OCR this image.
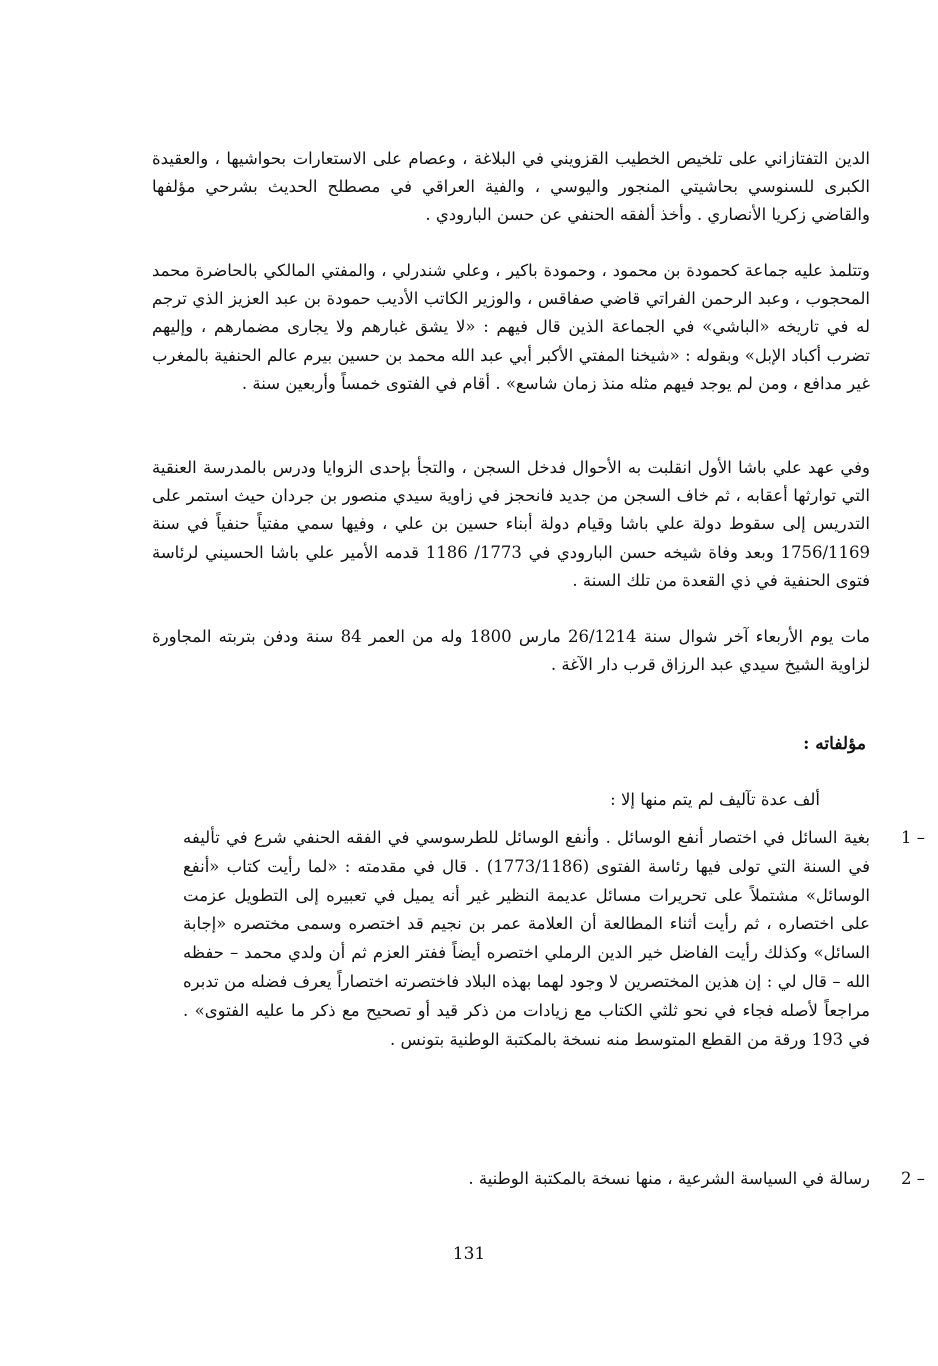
الدين التفتازاني على تلخيص الخطيب القزويني في البلاغة ، وعصام على الاستعارات بحواشيها ، والعقيدة الكبرى للسنوسي بحاشيتي المنجور واليوسي ، والفية العراقي في مصطلح الحديث بشرحي مؤلفها والقاضي زكريا الأنصاري . وأخذ ألفقه الحنفي عن حسن البارودي .

وتتلمذ عليه جماعة كحمودة بن محمود ، وحمودة باكير ، وعلي شندرلي ، والمفتي المالكي بالحاضرة محمد المحجوب ، وعبد الرحمن الفراتي قاضي صفاقس ، والوزير الكاتب الأديب حمودة بن عبد العزيز الذي ترجم له في تاريخه «الباشي» في الجماعة الذين قال فيهم : «لا يشق غبارهم ولا يجارى مضمارهم ، وإليهم تضرب أكباد الإبل» وبقوله : «شيخنا المفتي الأكبر أبي عبد الله محمد بن حسين بيرم عالم الحنفية بالمغرب غير مدافع ، ومن لم يوجد فيهم مثله منذ زمان شاسع» . أقام في الفتوى خمساً وأربعين سنة .

وفي عهد علي باشا الأول انقلبت به الأحوال فدخل السجن ، والتجأ بإحدى الزوايا ودرس بالمدرسة العنقية التي توارثها أعقابه ، ثم خاف السجن من جديد فانحجز في زاوية سيدي منصور بن جردان حيث استمر على التدريس إلى سقوط دولة علي باشا وقيام دولة أبناء حسين بن علي ، وفيها سمي مفتياً حنفياً في سنة 1756/1169 وبعد وفاة شيخه حسن البارودي في 1773/ 1186 قدمه الأمير علي باشا الحسيني لرئاسة فتوى الحنفية في ذي القعدة من تلك السنة .

مات يوم الأربعاء آخر شوال سنة 26/1214 مارس 1800 وله من العمر 84 سنة ودفن بتربته المجاورة لزاوية الشيخ سيدي عبد الرزاق قرب دار الآغة .

مؤلفاته :
ألف عدة تآليف لم يتم منها إلا :
1 –
بغية السائل في اختصار أنفع الوسائل . وأنفع الوسائل للطرسوسي في الفقه الحنفي شرع في تأليفه في السنة التي تولى فيها رئاسة الفتوى (1773/1186) . قال في مقدمته : «لما رأيت كتاب «أنفع الوسائل» مشتملاً على تحريرات مسائل عديمة النظير غير أنه يميل في تعبيره إلى التطويل عزمت على اختصاره ، ثم رأيت أثناء المطالعة أن العلامة عمر بن نجيم قد اختصره وسمى مختصره «إجابة السائل» وكذلك رأيت الفاضل خير الدين الرملي اختصره أيضاً ففتر العزم ثم أن ولدي محمد – حفظه الله – قال لي : إن هذين المختصرين لا وجود لهما بهذه البلاد فاختصرته اختصاراً يعرف فضله من تدبره مراجعاً لأصله فجاء في نحو ثلثي الكتاب مع زيادات من ذكر قيد أو تصحيح مع ذكر ما عليه الفتوى» . في 193 ورقة من القطع المتوسط منه نسخة بالمكتبة الوطنية بتونس .
2 –
رسالة في السياسة الشرعية ، منها نسخة بالمكتبة الوطنية .
131
